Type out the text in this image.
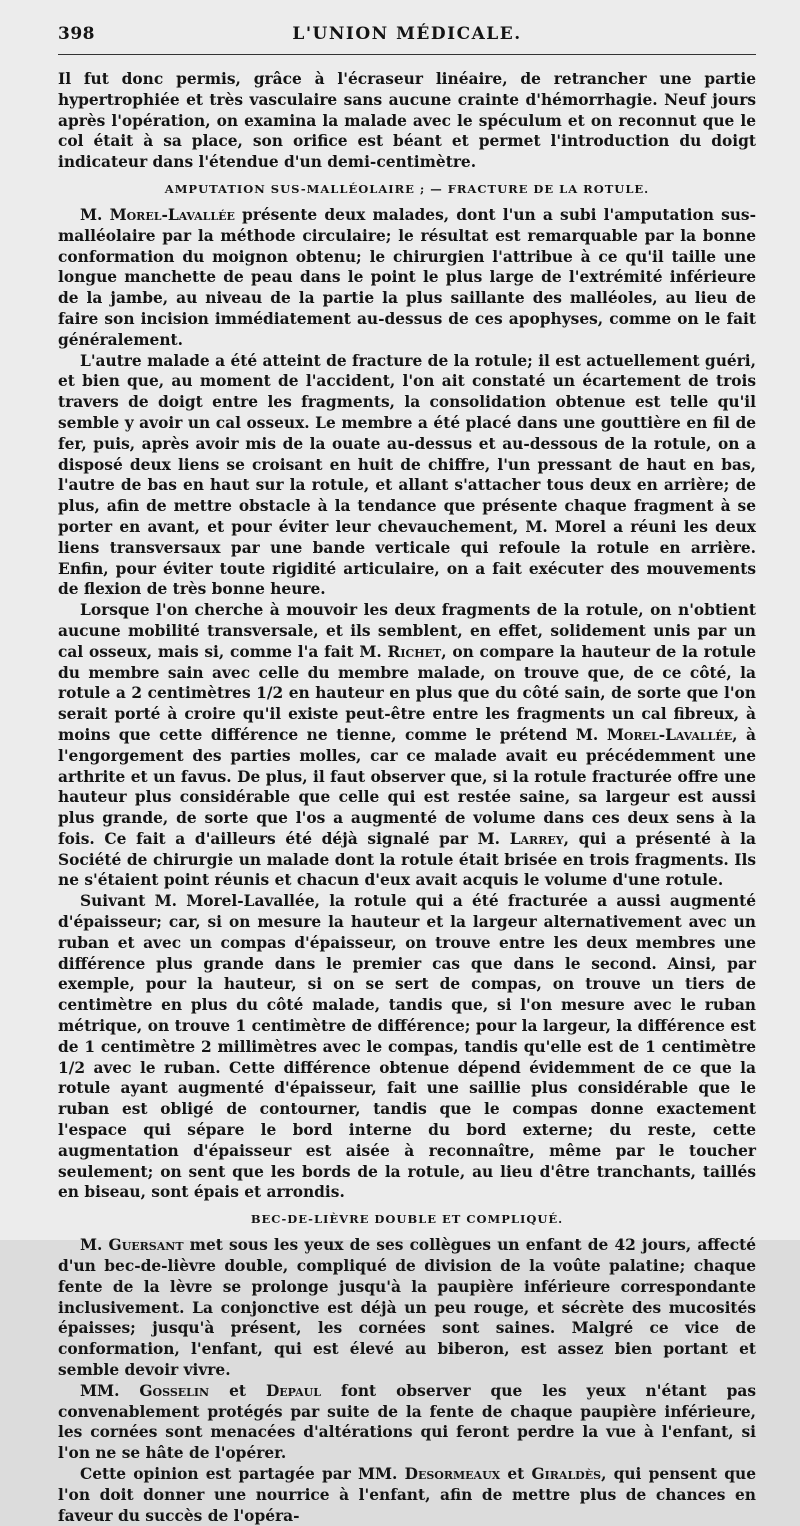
398	L'UNION MÉDICALE.

Il fut donc permis, grâce à l'écraseur linéaire, de retrancher une partie hypertrophiée et très vasculaire sans aucune crainte d'hémorrhagie. Neuf jours après l'opération, on examina la malade avec le spéculum et on reconnut que le col était à sa place, son orifice est béant et permet l'introduction du doigt indicateur dans l'étendue d'un demi-centimètre.

AMPUTATION SUS-MALLÉOLAIRE ; — FRACTURE DE LA ROTULE.

M. Morel-Lavallée présente deux malades, dont l'un a subi l'amputation sus-malléolaire par la méthode circulaire; le résultat est remarquable par la bonne conformation du moignon obtenu; le chirurgien l'attribue à ce qu'il taille une longue manchette de peau dans le point le plus large de l'extrémité inférieure de la jambe, au niveau de la partie la plus saillante des malléoles, au lieu de faire son incision immédiatement au-dessus de ces apophyses, comme on le fait généralement.

L'autre malade a été atteint de fracture de la rotule; il est actuellement guéri, et bien que, au moment de l'accident, l'on ait constaté un écartement de trois travers de doigt entre les fragments, la consolidation obtenue est telle qu'il semble y avoir un cal osseux. Le membre a été placé dans une gouttière en fil de fer, puis, après avoir mis de la ouate au-dessus et au-dessous de la rotule, on a disposé deux liens se croisant en huit de chiffre, l'un pressant de haut en bas, l'autre de bas en haut sur la rotule, et allant s'attacher tous deux en arrière; de plus, afin de mettre obstacle à la tendance que présente chaque fragment à se porter en avant, et pour éviter leur chevauchement, M. Morel a réuni les deux liens transversaux par une bande verticale qui refoule la rotule en arrière. Enfin, pour éviter toute rigidité articulaire, on a fait exécuter des mouvements de flexion de très bonne heure.

Lorsque l'on cherche à mouvoir les deux fragments de la rotule, on n'obtient aucune mobilité transversale, et ils semblent, en effet, solidement unis par un cal osseux, mais si, comme l'a fait M. Richet, on compare la hauteur de la rotule du membre sain avec celle du membre malade, on trouve que, de ce côté, la rotule a 2 centimètres 1/2 en hauteur en plus que du côté sain, de sorte que l'on serait porté à croire qu'il existe peut-être entre les fragments un cal fibreux, à moins que cette différence ne tienne, comme le prétend M. Morel-Lavallée, à l'engorgement des parties molles, car ce malade avait eu précédemment une arthrite et un favus. De plus, il faut observer que, si la rotule fracturée offre une hauteur plus considérable que celle qui est restée saine, sa largeur est aussi plus grande, de sorte que l'os a augmenté de volume dans ces deux sens à la fois. Ce fait a d'ailleurs été déjà signalé par M. Larrey, qui a présenté à la Société de chirurgie un malade dont la rotule était brisée en trois fragments. Ils ne s'étaient point réunis et chacun d'eux avait acquis le volume d'une rotule.

Suivant M. Morel-Lavallée, la rotule qui a été fracturée a aussi augmenté d'épaisseur; car, si on mesure la hauteur et la largeur alternativement avec un ruban et avec un compas d'épaisseur, on trouve entre les deux membres une différence plus grande dans le premier cas que dans le second. Ainsi, par exemple, pour la hauteur, si on se sert de compas, on trouve un tiers de centimètre en plus du côté malade, tandis que, si l'on mesure avec le ruban métrique, on trouve 1 centimètre de différence; pour la largeur, la différence est de 1 centimètre 2 millimètres avec le compas, tandis qu'elle est de 1 centimètre 1/2 avec le ruban. Cette différence obtenue dépend évidemment de ce que la rotule ayant augmenté d'épaisseur, fait une saillie plus considérable que le ruban est obligé de contourner, tandis que le compas donne exactement l'espace qui sépare le bord interne du bord externe; du reste, cette augmentation d'épaisseur est aisée à reconnaître, même par le toucher seulement; on sent que les bords de la rotule, au lieu d'être tranchants, taillés en biseau, sont épais et arrondis.

BEC-DE-LIÈVRE DOUBLE ET COMPLIQUÉ.

M. Guersant met sous les yeux de ses collègues un enfant de 42 jours, affecté d'un bec-de-lièvre double, compliqué de division de la voûte palatine; chaque fente de la lèvre se prolonge jusqu'à la paupière inférieure correspondante inclusivement. La conjonctive est déjà un peu rouge, et sécrète des mucosités épaisses; jusqu'à présent, les cornées sont saines. Malgré ce vice de conformation, l'enfant, qui est élevé au biberon, est assez bien portant et semble devoir vivre.

MM. Gosselin et Depaul font observer que les yeux n'étant pas convenablement protégés par suite de la fente de chaque paupière inférieure, les cornées sont menacées d'altérations qui feront perdre la vue à l'enfant, si l'on ne se hâte de l'opérer.

Cette opinion est partagée par MM. Desormeaux et Giraldès, qui pensent que l'on doit donner une nourrice à l'enfant, afin de mettre plus de chances en faveur du succès de l'opéra-
